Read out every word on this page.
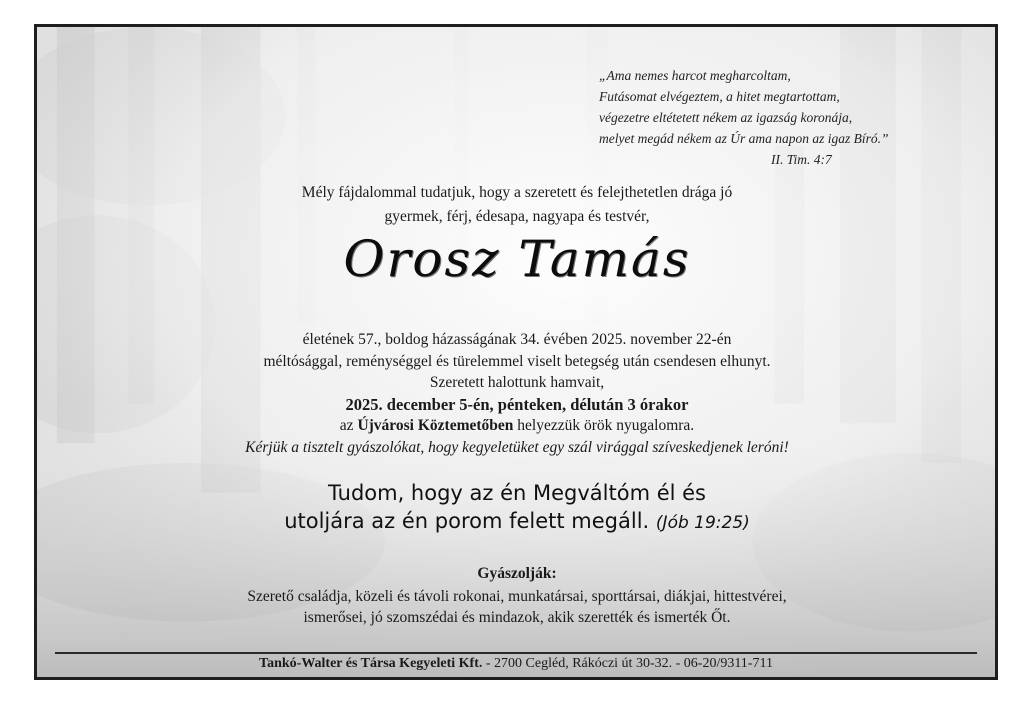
„Ama nemes harcot megharcoltam,
Futásomat elvégeztem, a hitet megtartottam,
végezetre eltétetett nékem az igazság koronája,
melyet megád nékem az Úr ama napon az igaz Bíró.”
II. Tim. 4:7
Mély fájdalommal tudatjuk, hogy a szeretett és felejthetetlen drága jó
gyermek, férj, édesapa, nagyapa és testvér,
Orosz Tamás
életének 57., boldog házasságának 34. évében 2025. november 22-én
méltósággal, reménységgel és türelemmel viselt betegség után csendesen elhunyt.
Szeretett halottunk hamvait,
2025. december 5-én, pénteken, délután 3 órakor
az Újvárosi Köztemetőben helyezzük örök nyugalomra.
Kérjük a tisztelt gyászolókat, hogy kegyeletüket egy szál virággal szíveskedjenek leróni!
Tudom, hogy az én Megváltóm él és
utoljára az én porom felett megáll. (Jób 19:25)
Gyászolják:
Szerető családja, közeli és távoli rokonai, munkatársai, sporttársai, diákjai, hittestvérei,
ismerősei, jó szomszédai és mindazok, akik szerették és ismerték Őt.
Tankó-Walter és Társa Kegyeleti Kft. - 2700 Cegléd, Rákóczi út 30-32. - 06-20/9311-711
